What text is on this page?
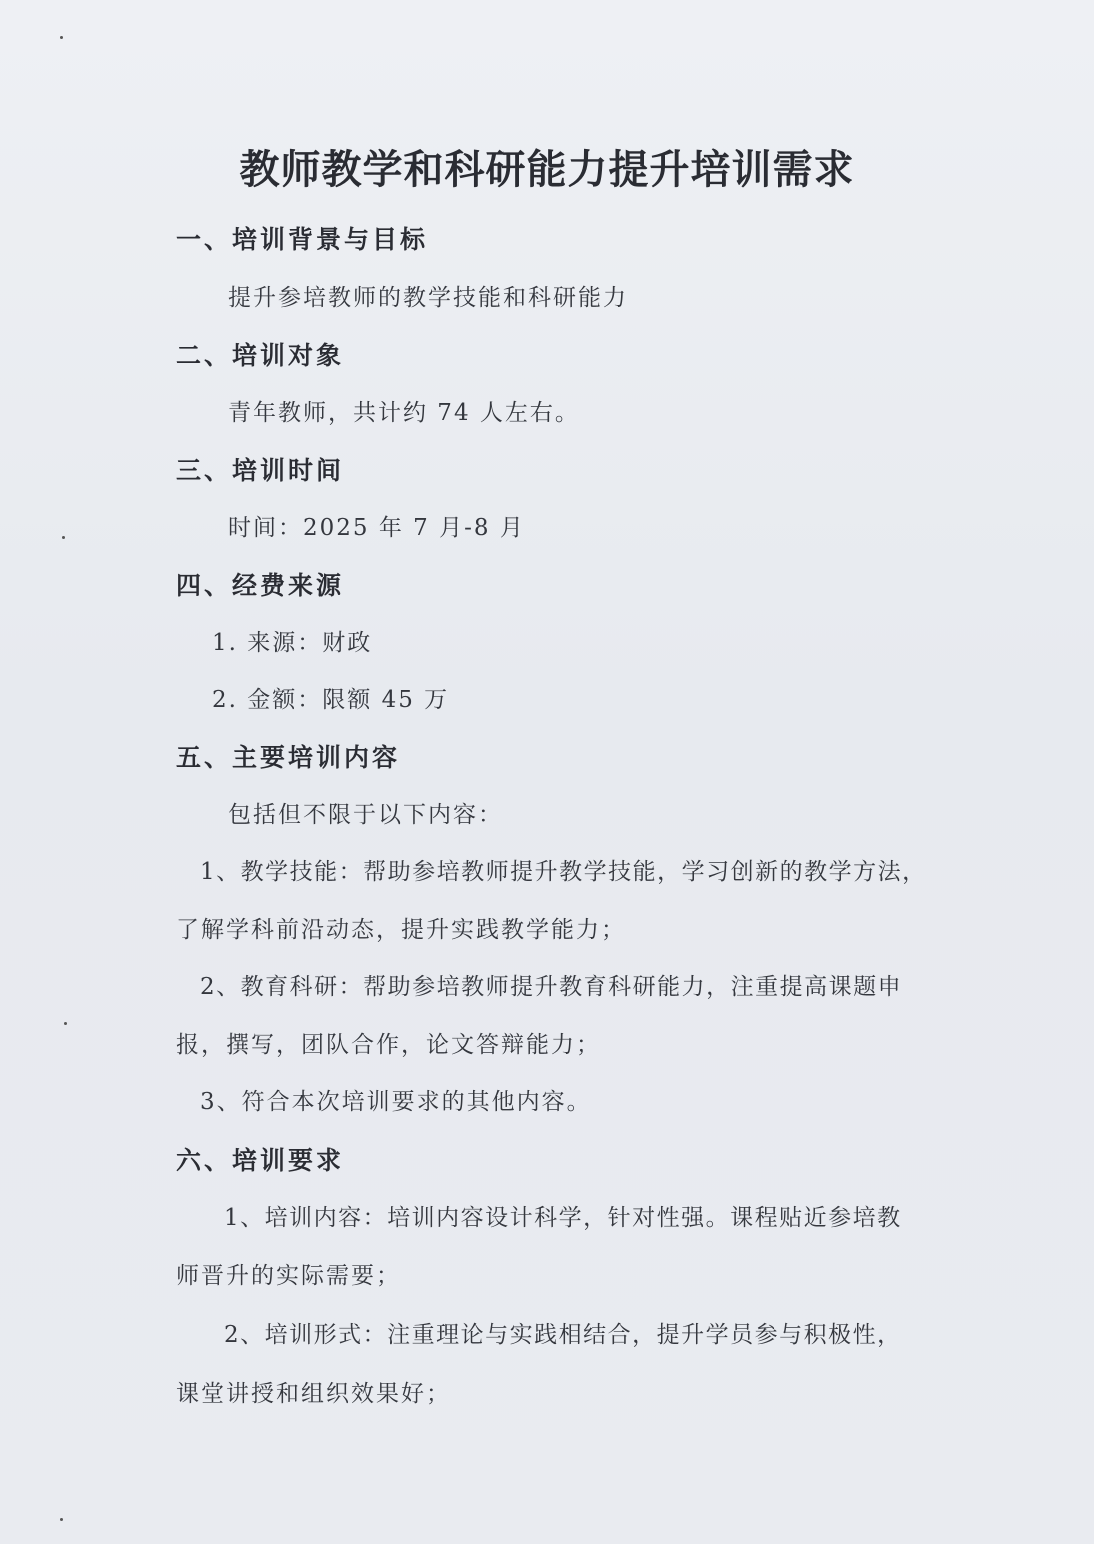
教师教学和科研能力提升培训需求
一、培训背景与目标
提升参培教师的教学技能和科研能力
二、培训对象
青年教师，共计约 74 人左右。
三、培训时间
时间：2025 年 7 月-8 月
四、经费来源
1. 来源：财政
2. 金额：限额 45 万
五、主要培训内容
包括但不限于以下内容：
1、教学技能：帮助参培教师提升教学技能，学习创新的教学方法，
了解学科前沿动态，提升实践教学能力；
2、教育科研：帮助参培教师提升教育科研能力，注重提高课题申
报，撰写，团队合作，论文答辩能力；
3、符合本次培训要求的其他内容。
六、培训要求
1、培训内容：培训内容设计科学，针对性强。课程贴近参培教
师晋升的实际需要；
2、培训形式：注重理论与实践相结合，提升学员参与积极性，
课堂讲授和组织效果好；
